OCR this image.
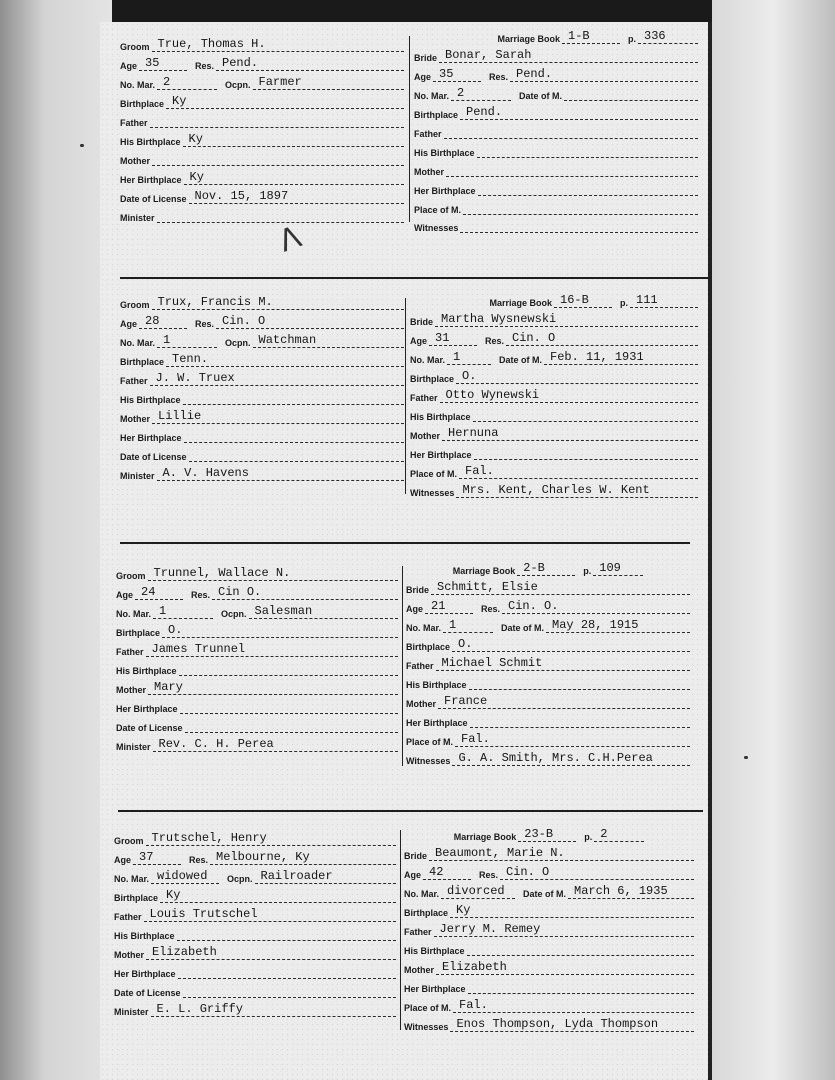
Groom True, Thomas H.
Age 35	Res. Pend.
No. Mar. 2	Ocpn. Farmer
Birthplace Ky
Father
His Birthplace Ky
Mother
Her Birthplace Ky
Date of License Nov. 15, 1897
Minister
Marriage Book 1-B	p. 336
Bride Bonar, Sarah
Age 35	Res. Pend.
No. Mar. 2	Date of M.
Birthplace Pend.
Father
His Birthplace
Mother
Her Birthplace
Place of M.
Witnesses
ᐱ
Groom Trux, Francis M.
Age 28	Res. Cin. O
No. Mar. 1	Ocpn. Watchman
Birthplace Tenn.
Father J. W. Truex
His Birthplace
Mother Lillie
Her Birthplace
Date of License
Minister A. V. Havens
Marriage Book 16-B	p. 111
Bride Martha Wysnewski
Age 31	Res. Cin. O
No. Mar. 1	Date of M. Feb. 11, 1931
Birthplace O.
Father Otto Wynewski
His Birthplace
Mother Hernuna
Her Birthplace
Place of M. Fal.
Witnesses Mrs. Kent, Charles W. Kent
Groom Trunnel, Wallace N.
Age 24	Res. Cin O.
No. Mar. 1	Ocpn. Salesman
Birthplace O.
Father James Trunnel
His Birthplace
Mother Mary
Her Birthplace
Date of License
Minister Rev. C. H. Perea
Marriage Book 2-B	p. 109
Bride Schmitt, Elsie
Age 21	Res. Cin. O.
No. Mar. 1	Date of M. May 28, 1915
Birthplace O.
Father Michael Schmit
His Birthplace
Mother France
Her Birthplace
Place of M. Fal.
Witnesses G. A. Smith, Mrs. C.H.Perea
Groom Trutschel, Henry
Age 37	Res. Melbourne, Ky
No. Mar. widowed	Ocpn. Railroader
Birthplace Ky
Father Louis Trutschel
His Birthplace
Mother Elizabeth
Her Birthplace
Date of License
Minister E. L. Griffy
Marriage Book 23-B	p. 2
Bride Beaumont, Marie N.
Age 42	Res. Cin. O
No. Mar. divorced	Date of M. March 6, 1935
Birthplace Ky
Father Jerry M. Remey
His Birthplace
Mother Elizabeth
Her Birthplace
Place of M. Fal.
Witnesses Enos Thompson, Lyda Thompson
